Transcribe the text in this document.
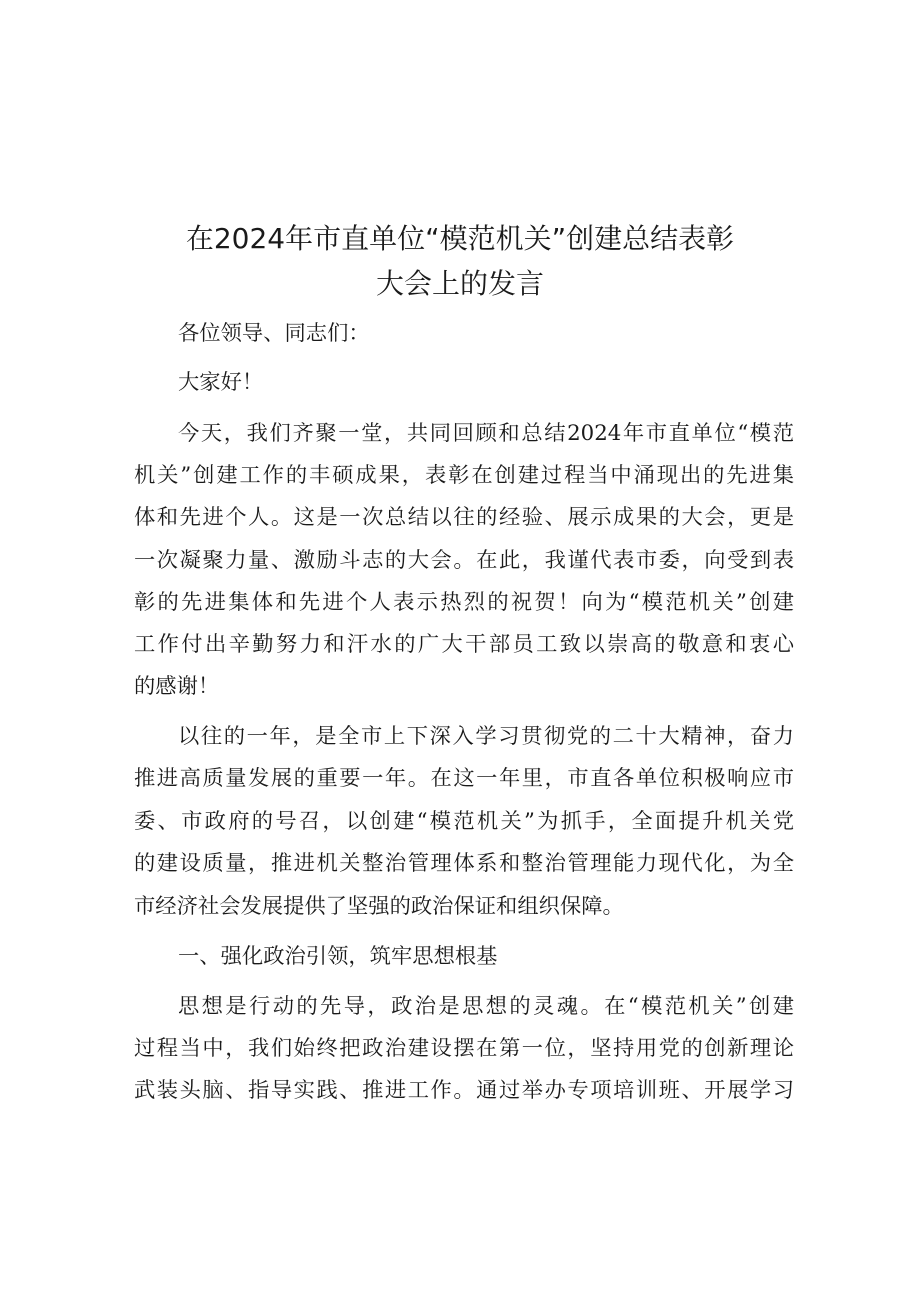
在2024年市直单位“模范机关”创建总结表彰
大会上的发言
各位领导、同志们：
大家好！
今天，我们齐聚一堂，共同回顾和总结2024年市直单位“模范
机关”创建工作的丰硕成果，表彰在创建过程当中涌现出的先进集
体和先进个人。这是一次总结以往的经验、展示成果的大会，更是
一次凝聚力量、激励斗志的大会。在此，我谨代表市委，向受到表
彰的先进集体和先进个人表示热烈的祝贺！向为“模范机关”创建
工作付出辛勤努力和汗水的广大干部员工致以崇高的敬意和衷心
的感谢！
以往的一年，是全市上下深入学习贯彻党的二十大精神，奋力
推进高质量发展的重要一年。在这一年里，市直各单位积极响应市
委、市政府的号召，以创建“模范机关”为抓手，全面提升机关党
的建设质量，推进机关整治管理体系和整治管理能力现代化，为全
市经济社会发展提供了坚强的政治保证和组织保障。
一、强化政治引领，筑牢思想根基
思想是行动的先导，政治是思想的灵魂。在“模范机关”创建
过程当中，我们始终把政治建设摆在第一位，坚持用党的创新理论
武装头脑、指导实践、推进工作。通过举办专项培训班、开展学习
